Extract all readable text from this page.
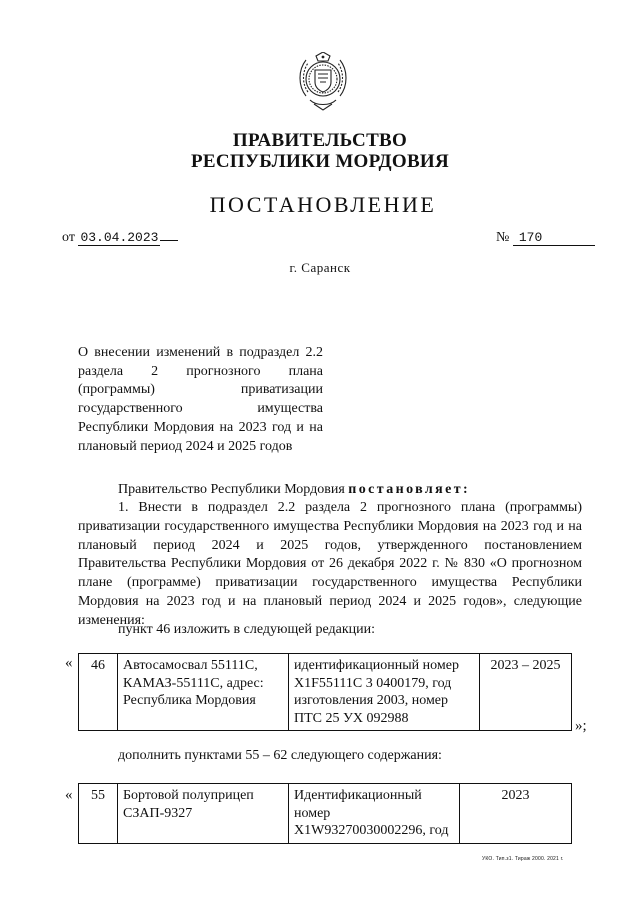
ПРАВИТЕЛЬСТВО
РЕСПУБЛИКИ МОРДОВИЯ
ПОСТАНОВЛЕНИЕ
от 03.04.2023	№ 170
г. Саранск
О внесении изменений в подраздел 2.2 раздела 2 прогнозного плана (программы) приватизации государственного имущества Республики Мордовия на 2023 год и на плановый период 2024 и 2025 годов
Правительство Республики Мордовия постановляет:
1. Внести в подраздел 2.2 раздела 2 прогнозного плана (программы) приватизации государственного имущества Республики Мордовия на 2023 год и на плановый период 2024 и 2025 годов, утвержденного постановлением Правительства Республики Мордовия от 26 декабря 2022 г. № 830 «О прогнозном плане (программе) приватизации государственного имущества Республики Мордовия на 2023 год и на плановый период 2024 и 2025 годов», следующие изменения:
пункт 46 изложить в следующей редакции:
« 46	Автосамосвал 55111С, КАМАЗ-55111С, адрес: Республика Мордовия	идентификационный номер Х1F55111С 3 0400179, год изготовления 2003, номер ПТС 25 УХ 092988	2023 – 2025
»;
дополнить пунктами 55 – 62 следующего содержания:
« 55	Бортовой полуприцеп СЗАП-9327	Идентификационный номер X1W93270030002296, год	2023
УКО. Тип.з1. Тираж 2000. 2021 г.
